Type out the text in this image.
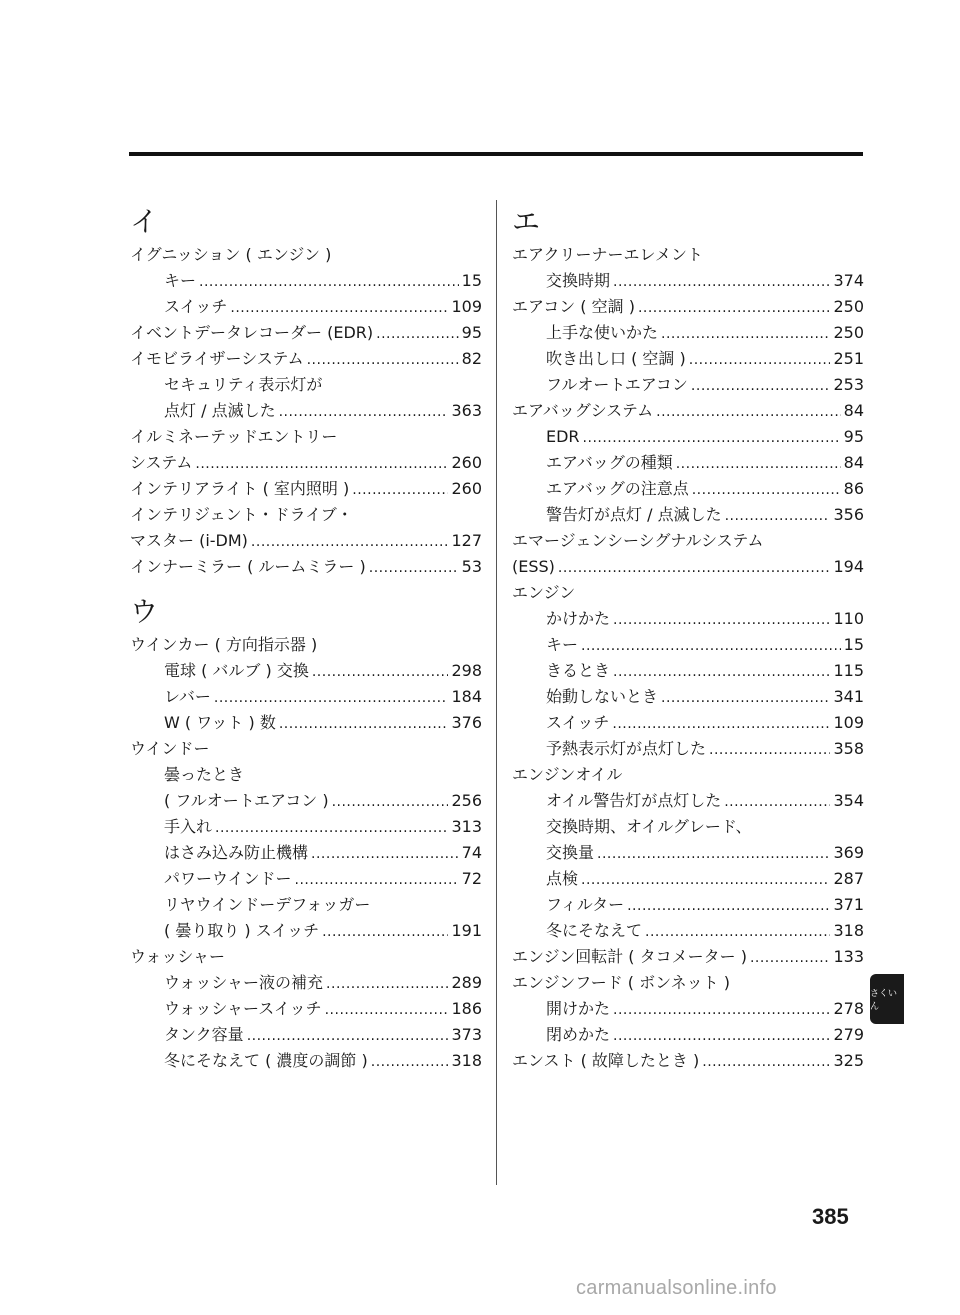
イ
イグニッション ( エンジン )
キー .....	15
スイッチ .....	109
イベントデータレコーダー (EDR) .....	95
イモビライザーシステム .....	82
セキュリティ表示灯が
点灯 / 点滅した .....	363
イルミネーテッドエントリー
システム .....	260
インテリアライト ( 室内照明 ) .....	260
インテリジェント・ドライブ・
マスター (i-DM) .....	127
インナーミラー ( ルームミラー ) .....	53
ウ
ウインカー ( 方向指示器 )
電球 ( バルブ ) 交換 .....	298
レバー .....	184
W ( ワット ) 数 .....	376
ウインドー
曇ったとき
( フルオートエアコン ) .....	256
手入れ .....	313
はさみ込み防止機構 .....	74
パワーウインドー .....	72
リヤウインドーデフォッガー
( 曇り取り ) スイッチ .....	191
ウォッシャー
ウォッシャー液の補充 .....	289
ウォッシャースイッチ .....	186
タンク容量 .....	373
冬にそなえて ( 濃度の調節 ) .....	318
エ
エアクリーナーエレメント
交換時期 .....	374
エアコン ( 空調 ) .....	250
上手な使いかた .....	250
吹き出し口 ( 空調 ) .....	251
フルオートエアコン .....	253
エアバッグシステム .....	84
EDR .....	95
エアバッグの種類 .....	84
エアバッグの注意点 .....	86
警告灯が点灯 / 点滅した .....	356
エマージェンシーシグナルシステム
(ESS) .....	194
エンジン
かけかた .....	110
キー .....	15
きるとき .....	115
始動しないとき .....	341
スイッチ .....	109
予熱表示灯が点灯した .....	358
エンジンオイル
オイル警告灯が点灯した .....	354
交換時期、オイルグレード、
交換量 .....	369
点検 .....	287
フィルター .....	371
冬にそなえて .....	318
エンジン回転計 ( タコメーター ) .....	133
エンジンフード ( ボンネット )
開けかた .....	278
閉めかた .....	279
エンスト ( 故障したとき ) .....	325
385
さくいん
carmanualsonline.info
